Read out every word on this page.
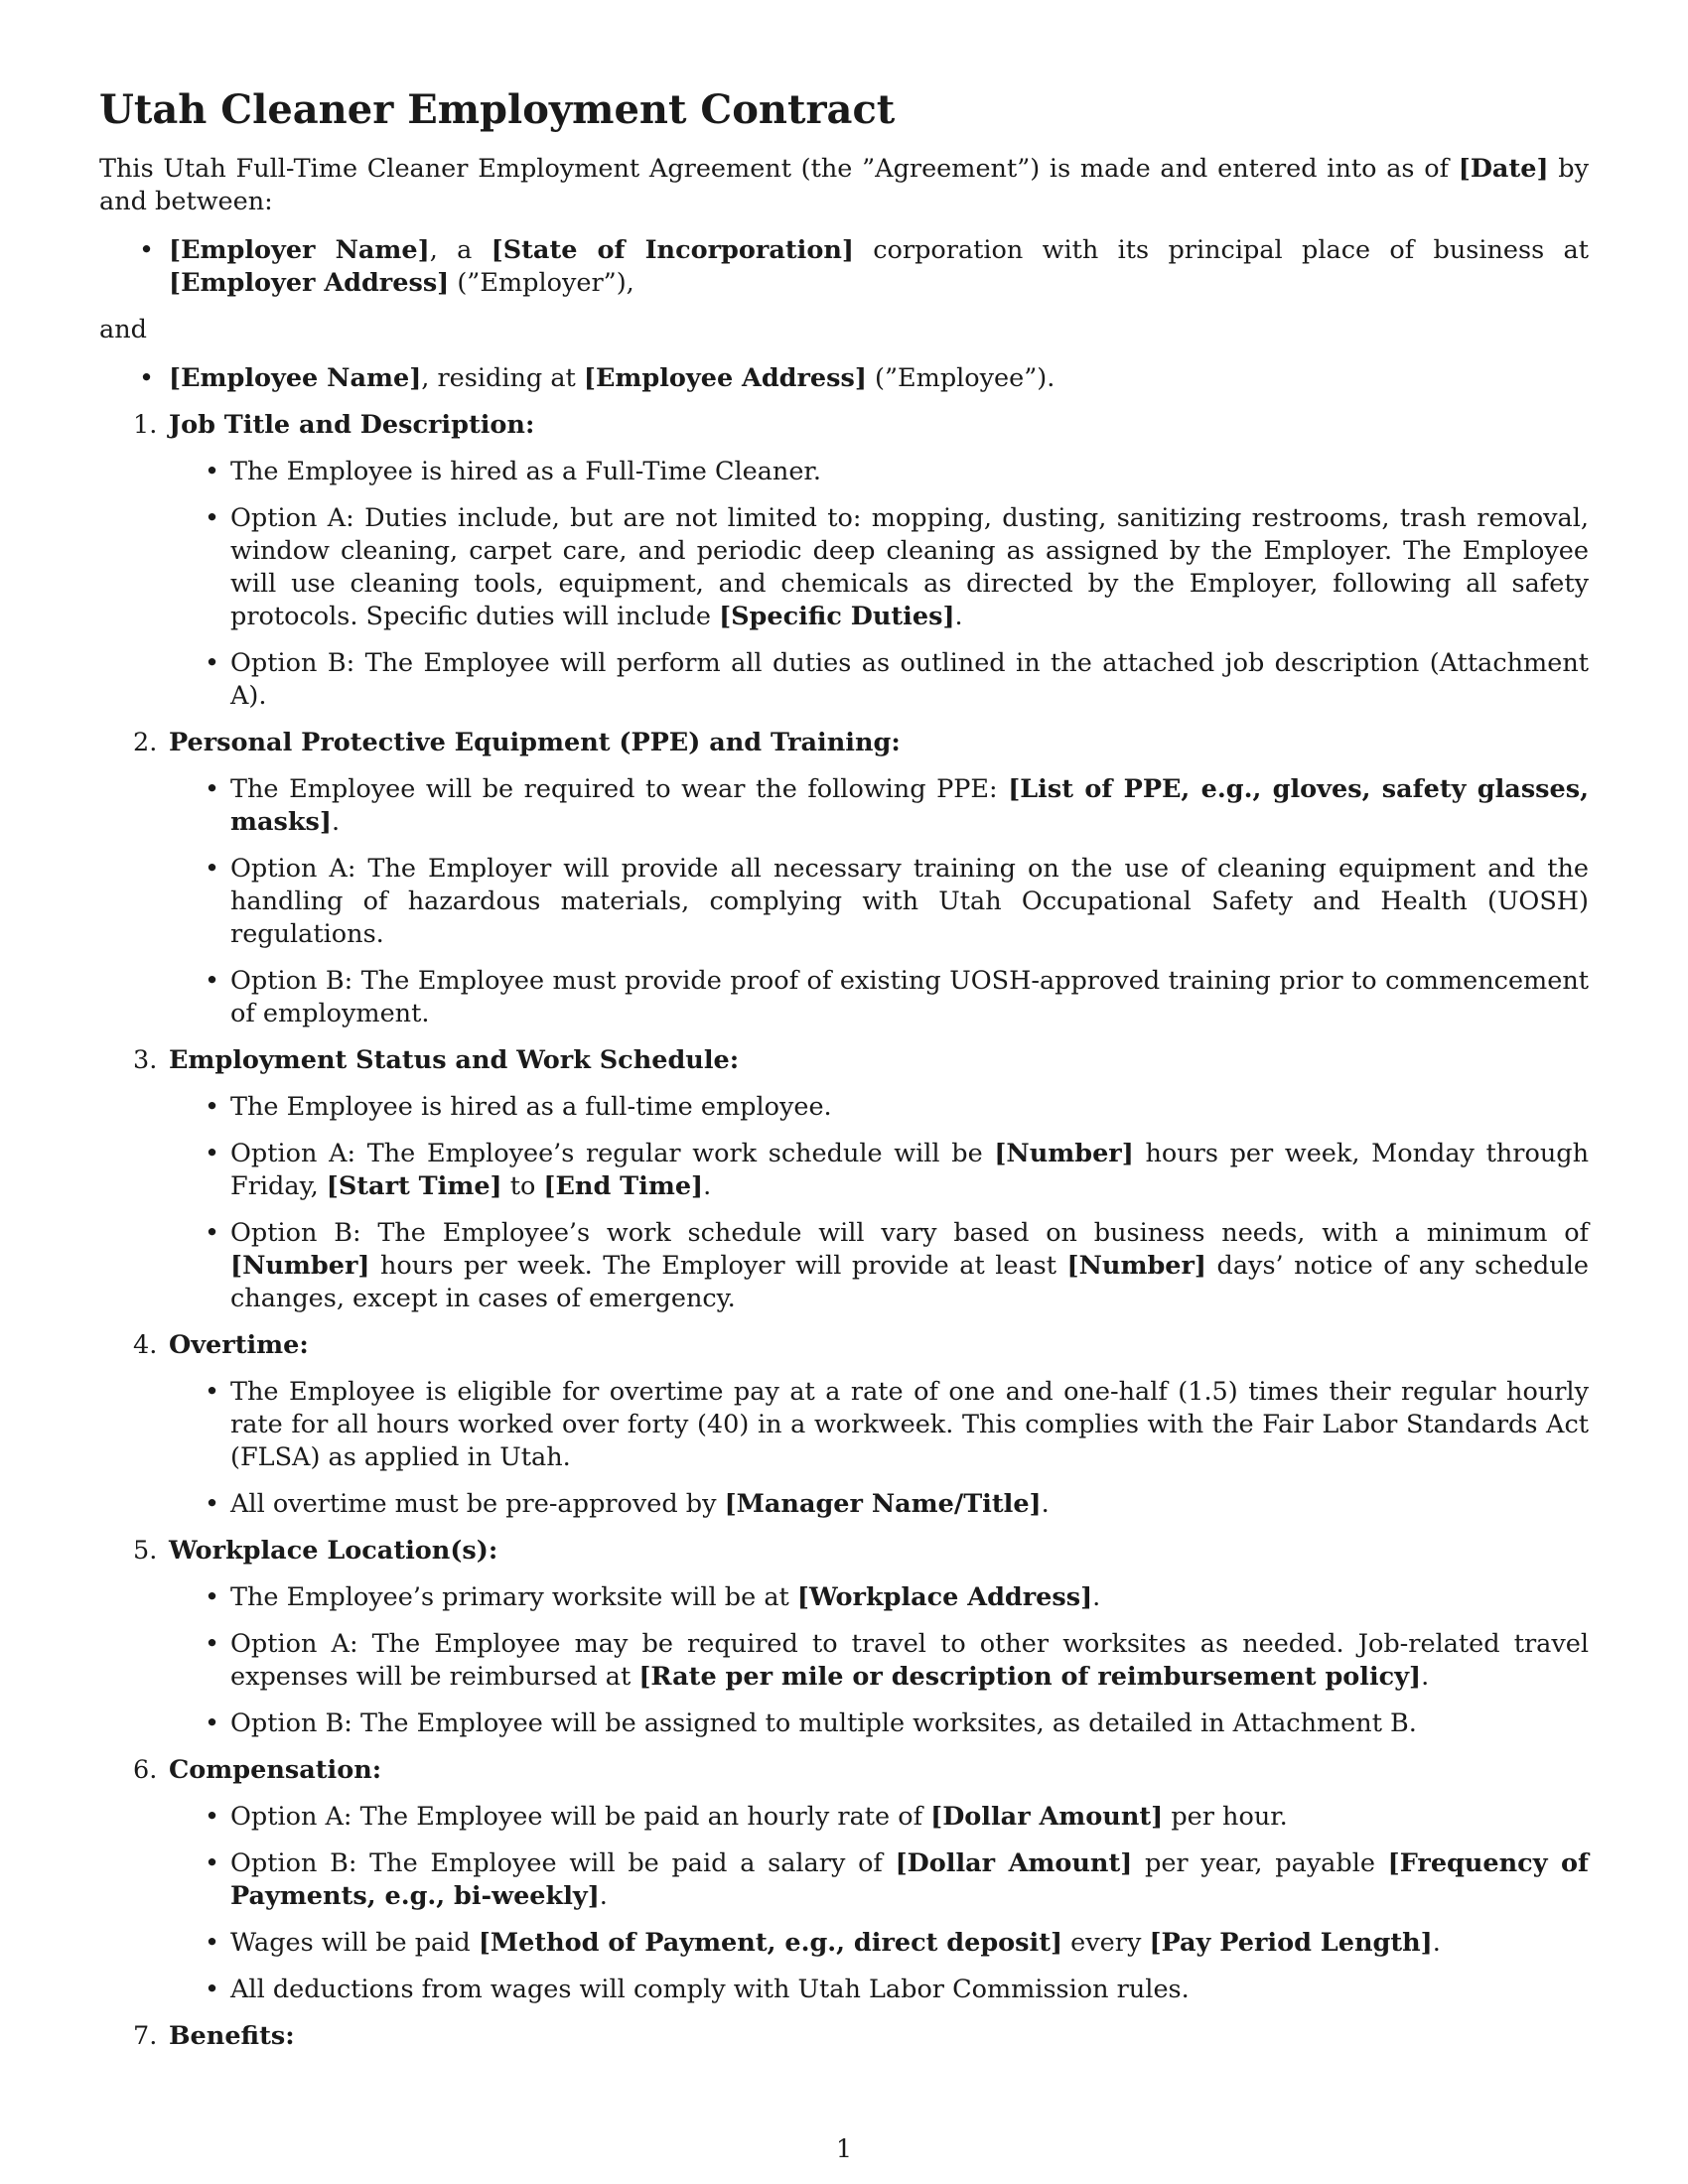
Utah Cleaner Employment Contract

This Utah Full-Time Cleaner Employment Agreement (the ”Agreement”) is made and entered into as of [Date] by and between:

• [Employer Name], a [State of Incorporation] corporation with its principal place of business at [Employer Address] (”Employer”),

and

• [Employee Name], residing at [Employee Address] (”Employee”).
1. Job Title and Description:
• The Employee is hired as a Full-Time Cleaner.
• Option A: Duties include, but are not limited to: mopping, dusting, sanitizing restrooms, trash removal, window cleaning, carpet care, and periodic deep cleaning as assigned by the Employer. The Employee will use cleaning tools, equipment, and chemicals as directed by the Employer, following all safety protocols. Specific duties will include [Specific Duties].
• Option B: The Employee will perform all duties as outlined in the attached job description (Attachment A).
2. Personal Protective Equipment (PPE) and Training:
• The Employee will be required to wear the following PPE: [List of PPE, e.g., gloves, safety glasses, masks].
• Option A: The Employer will provide all necessary training on the use of cleaning equipment and the handling of hazardous materials, complying with Utah Occupational Safety and Health (UOSH) regulations.
• Option B: The Employee must provide proof of existing UOSH-approved training prior to commencement of employment.
3. Employment Status and Work Schedule:
• The Employee is hired as a full-time employee.
• Option A: The Employee’s regular work schedule will be [Number] hours per week, Monday through Friday, [Start Time] to [End Time].
• Option B: The Employee’s work schedule will vary based on business needs, with a minimum of [Number] hours per week. The Employer will provide at least [Number] days’ notice of any schedule changes, except in cases of emergency.
4. Overtime:
• The Employee is eligible for overtime pay at a rate of one and one-half (1.5) times their regular hourly rate for all hours worked over forty (40) in a workweek. This complies with the Fair Labor Standards Act (FLSA) as applied in Utah.
• All overtime must be pre-approved by [Manager Name/Title].
5. Workplace Location(s):
• The Employee’s primary worksite will be at [Workplace Address].
• Option A: The Employee may be required to travel to other worksites as needed. Job-related travel expenses will be reimbursed at [Rate per mile or description of reimbursement policy].
• Option B: The Employee will be assigned to multiple worksites, as detailed in Attachment B.
6. Compensation:
• Option A: The Employee will be paid an hourly rate of [Dollar Amount] per hour.
• Option B: The Employee will be paid a salary of [Dollar Amount] per year, payable [Frequency of Payments, e.g., bi-weekly].
• Wages will be paid [Method of Payment, e.g., direct deposit] every [Pay Period Length].
• All deductions from wages will comply with Utah Labor Commission rules.
7. Benefits:
1
